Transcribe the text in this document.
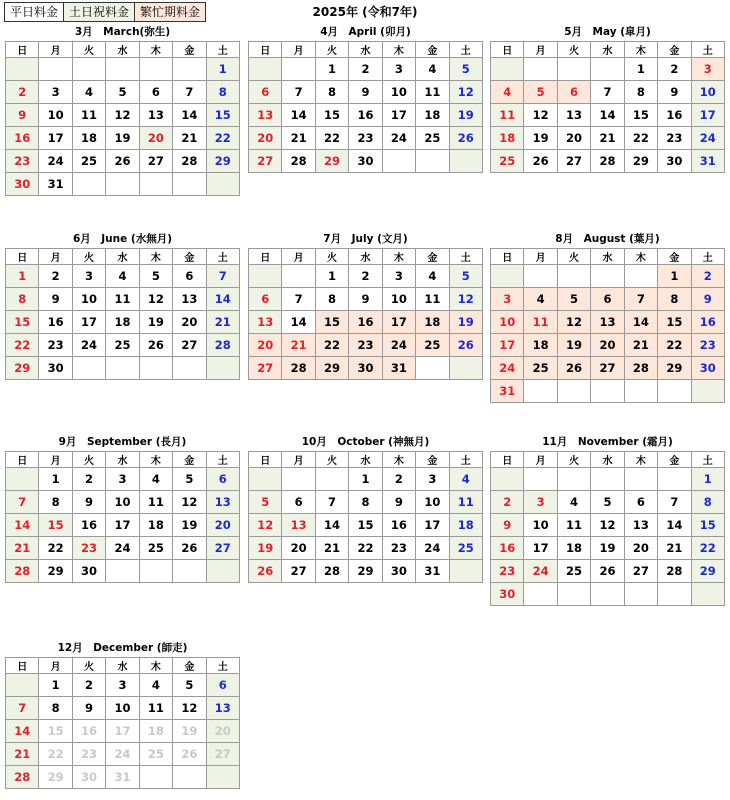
平日料金 土日祝料金 繁忙期料金	2025年 (令和7年)
3月　March(弥生)
日	月	火	水	木	金	土
						1
2	3	4	5	6	7	8
9	10	11	12	13	14	15
16	17	18	19	20	21	22
23	24	25	26	27	28	29
30	31					
4月　April (卯月)
日	月	火	水	木	金	土
		1	2	3	4	5
6	7	8	9	10	11	12
13	14	15	16	17	18	19
20	21	22	23	24	25	26
27	28	29	30			
5月　May (皐月)
日	月	火	水	木	金	土
				1	2	3
4	5	6	7	8	9	10
11	12	13	14	15	16	17
18	19	20	21	22	23	24
25	26	27	28	29	30	31
6月　June (水無月)
日	月	火	水	木	金	土
1	2	3	4	5	6	7
8	9	10	11	12	13	14
15	16	17	18	19	20	21
22	23	24	25	26	27	28
29	30					
7月　July (文月)
日	月	火	水	木	金	土
		1	2	3	4	5
6	7	8	9	10	11	12
13	14	15	16	17	18	19
20	21	22	23	24	25	26
27	28	29	30	31		
8月　August (葉月)
日	月	火	水	木	金	土
					1	2
3	4	5	6	7	8	9
10	11	12	13	14	15	16
17	18	19	20	21	22	23
24	25	26	27	28	29	30
31						
9月　September (長月)
日	月	火	水	木	金	土
	1	2	3	4	5	6
7	8	9	10	11	12	13
14	15	16	17	18	19	20
21	22	23	24	25	26	27
28	29	30				
10月　October (神無月)
日	月	火	水	木	金	土
			1	2	3	4
5	6	7	8	9	10	11
12	13	14	15	16	17	18
19	20	21	22	23	24	25
26	27	28	29	30	31	
11月　November (霜月)
日	月	火	水	木	金	土
						1
2	3	4	5	6	7	8
9	10	11	12	13	14	15
16	17	18	19	20	21	22
23	24	25	26	27	28	29
30						
12月　December (師走)
日	月	火	水	木	金	土
	1	2	3	4	5	6
7	8	9	10	11	12	13
14	15	16	17	18	19	20
21	22	23	24	25	26	27
28	29	30	31			
